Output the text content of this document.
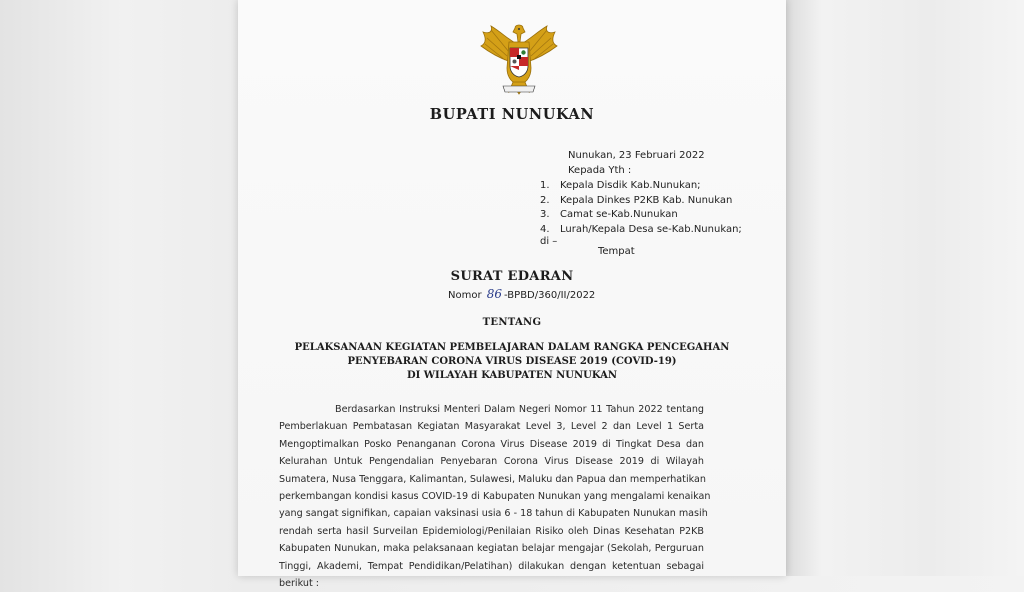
BUPATI NUNUKAN
Nunukan, 23 Februari 2022
Kepada Yth :
1. Kepala Disdik Kab.Nunukan;
2. Kepala Dinkes P2KB Kab. Nunukan
3. Camat se-Kab.Nunukan
4. Lurah/Kepala Desa se-Kab.Nunukan;
di –
Tempat
SURAT EDARAN
Nomor 86 -BPBD/360/II/2022
TENTANG
PELAKSANAAN KEGIATAN PEMBELAJARAN DALAM RANGKA PENCEGAHAN
PENYEBARAN CORONA VIRUS DISEASE 2019 (COVID-19)
DI WILAYAH KABUPATEN NUNUKAN
Berdasarkan Instruksi Menteri Dalam Negeri Nomor 11 Tahun 2022 tentang
Pemberlakuan Pembatasan Kegiatan Masyarakat Level 3, Level 2 dan Level 1 Serta
Mengoptimalkan Posko Penanganan Corona Virus Disease 2019 di Tingkat Desa dan
Kelurahan Untuk Pengendalian Penyebaran Corona Virus Disease 2019 di Wilayah
Sumatera, Nusa Tenggara, Kalimantan, Sulawesi, Maluku dan Papua dan memperhatikan
perkembangan kondisi kasus COVID-19 di Kabupaten Nunukan yang mengalami kenaikan
yang sangat signifikan, capaian vaksinasi usia 6 - 18 tahun di Kabupaten Nunukan masih
rendah serta hasil Surveilan Epidemiologi/Penilaian Risiko oleh Dinas Kesehatan P2KB
Kabupaten Nunukan, maka pelaksanaan kegiatan belajar mengajar (Sekolah, Perguruan
Tinggi, Akademi, Tempat Pendidikan/Pelatihan) dilakukan dengan ketentuan sebagai
berikut :
